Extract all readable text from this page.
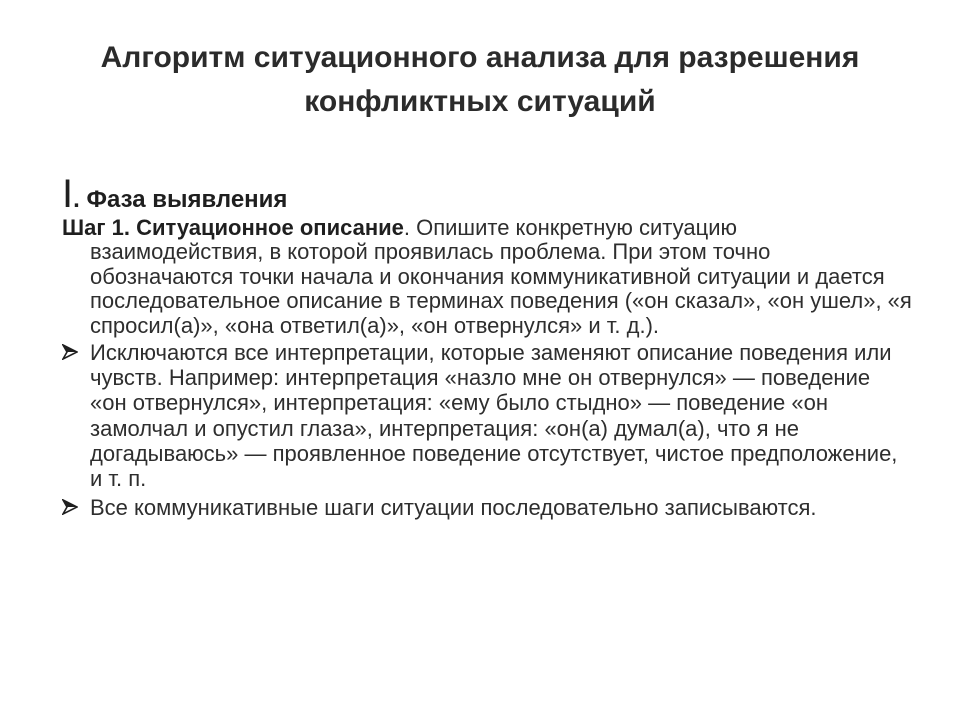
Алгоритм ситуационного анализа для разрешения
конфликтных ситуаций
I. Фаза выявления

Шаг 1. Ситуационное описание. Опишите конкретную ситуацию взаимодействия, в которой проявилась проблема. При этом точно обозначаются точки начала и окончания коммуникативной ситуации и дается последовательное описание в терминах поведения («он сказал», «он ушел», «я спросил(а)», «она ответил(а)», «он отвернулся» и т. д.).

Исключаются все интерпретации, которые заменяют описание поведения или чувств. Например: интерпретация «назло мне он отвернулся» — поведение «он отвернулся», интерпретация: «ему было стыдно» — поведение «он замолчал и опустил глаза», интерпретация: «он(а) думал(а), что я не догадываюсь» — проявленное поведение отсутствует, чистое предположение, и т. п.
Все коммуникативные шаги ситуации последовательно записываются.
